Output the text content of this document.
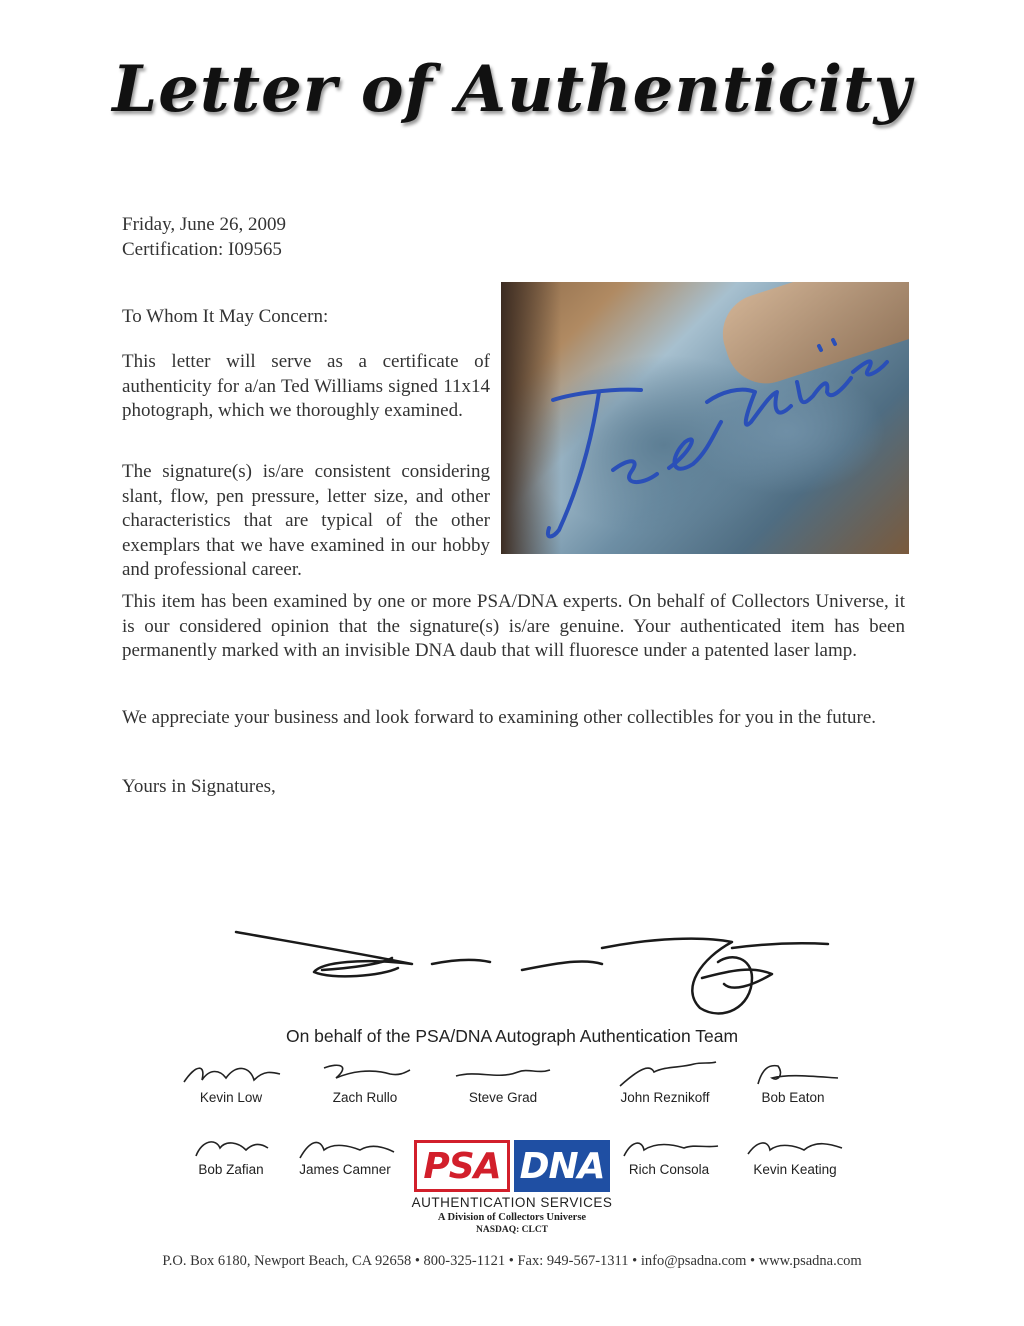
Letter of Authenticity
Friday, June 26, 2009
Certification: I09565
To Whom It May Concern:
This letter will serve as a certificate of authenticity for a/an Ted Williams signed 11x14 photograph, which we thoroughly examined.
The signature(s) is/are consistent considering slant, flow, pen pressure, letter size, and other characteristics that are typical of the other exemplars that we have examined in our hobby and professional career.
This item has been examined by one or more PSA/DNA experts. On behalf of Collectors Universe, it is our considered opinion that the signature(s) is/are genuine. Your authenticated item has been permanently marked with an invisible DNA daub that will fluoresce under a patented laser lamp.
We appreciate your business and look forward to examining other collectibles for you in the future.
Yours in Signatures,
On behalf of the PSA/DNA Autograph Authentication Team
Kevin Low	Zach Rullo	Steve Grad	John Reznikoff	Bob Eaton
Bob Zafian	James Camner	Rich Consola	Kevin Keating
PSA DNA
AUTHENTICATION SERVICES
A Division of Collectors Universe
NASDAQ: CLCT
P.O. Box 6180, Newport Beach, CA 92658 • 800-325-1121 • Fax: 949-567-1311 • info@psadna.com • www.psadna.com
